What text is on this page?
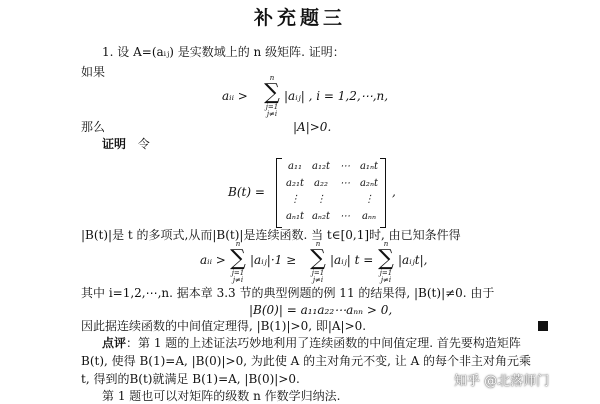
补充题三
1. 设 A=(aᵢⱼ) 是实数域上的 n 级矩阵. 证明：
如果
aᵢᵢ >
n
∑
j=1
j≠i
|aᵢⱼ| , i = 1,2,⋯,n,
那么	|A|>0.
证明 令
B(t) =
a₁₁	a₁₂t	⋯ a₁ₙt
a₂₁t	a₂₂	⋯ a₂ₙt
⋮	⋮	⋮
aₙ₁t aₙ₂t ⋯	aₙₙ
,
|B(t)|是 t 的多项式,从而|B(t)|是连续函数. 当 t∈[0,1]时, 由已知条件得
aᵢᵢ >
n
∑
j=1
j≠i
|aᵢⱼ|·1 ≥
n
∑
j=1
j≠i
|aᵢⱼ| t =
n
∑
j=1
j≠i
|aᵢⱼt|,
其中 i=1,2,⋯,n. 据本章 3.3 节的典型例题的例 11 的结果得, |B(t)|≠0. 由于
|B(0)| = a₁₁a₂₂⋯aₙₙ > 0,
因此据连续函数的中间值定理得, |B(1)|>0, 即|A|>0.
点评：第 1 题的上述证法巧妙地利用了连续函数的中间值定理. 首先要构造矩阵
B(t), 使得 B(1)=A, |B(0)|>0, 为此使 A 的主对角元不变, 让 A 的每个非主对角元乘
t, 得到的B(t)就满足 B(1)=A, |B(0)|>0.
第 1 题也可以对矩阵的级数 n 作数学归纳法.
知乎 @北落师门
